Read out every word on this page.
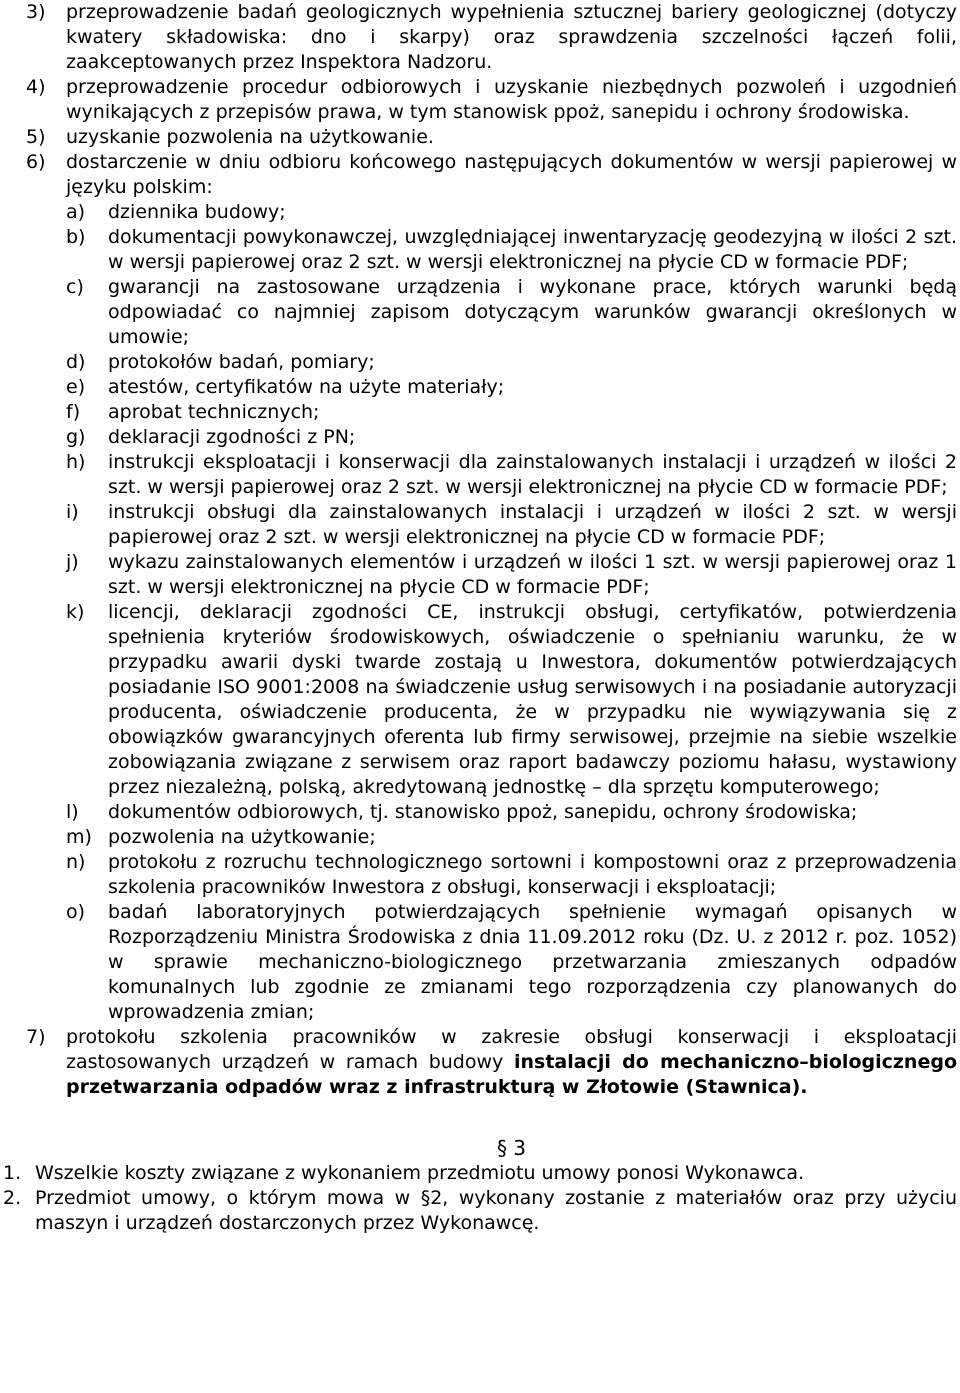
3)	przeprowadzenie badań geologicznych wypełnienia sztucznej bariery geologicznej (dotyczy kwatery składowiska: dno i skarpy) oraz sprawdzenia szczelności łączeń folii, zaakceptowanych przez Inspektora Nadzoru.
4)	przeprowadzenie procedur odbiorowych i uzyskanie niezbędnych pozwoleń i uzgodnień wynikających z przepisów prawa, w tym stanowisk ppoż, sanepidu i ochrony środowiska.
5)	uzyskanie pozwolenia na użytkowanie.
6)	dostarczenie w dniu odbioru końcowego następujących dokumentów w wersji papierowej w języku polskim:
a)	dziennika budowy;
b)	dokumentacji powykonawczej, uwzględniającej inwentaryzację geodezyjną w ilości 2 szt. w wersji papierowej oraz 2 szt. w wersji elektronicznej na płycie CD w formacie PDF;
c)	gwarancji na zastosowane urządzenia i wykonane prace, których warunki będą odpowiadać co najmniej zapisom dotyczącym warunków gwarancji określonych w umowie;
d)	protokołów badań, pomiary;
e)	atestów, certyfikatów na użyte materiały;
f)	aprobat technicznych;
g)	deklaracji zgodności z PN;
h)	instrukcji eksploatacji i konserwacji dla zainstalowanych instalacji i urządzeń w ilości 2 szt. w wersji papierowej oraz 2 szt. w wersji elektronicznej na płycie CD w formacie PDF;
i)	instrukcji obsługi dla zainstalowanych instalacji i urządzeń w ilości 2 szt. w wersji papierowej oraz 2 szt. w wersji elektronicznej na płycie CD w formacie PDF;
j)	wykazu zainstalowanych elementów i urządzeń w ilości 1 szt. w wersji papierowej oraz 1 szt. w wersji elektronicznej na płycie CD w formacie PDF;
k)	licencji, deklaracji zgodności CE, instrukcji obsługi, certyfikatów, potwierdzenia spełnienia kryteriów środowiskowych, oświadczenie o spełnianiu warunku, że w przypadku awarii dyski twarde zostają u Inwestora, dokumentów potwierdzających posiadanie ISO 9001:2008 na świadczenie usług serwisowych i na posiadanie autoryzacji producenta, oświadczenie producenta, że w przypadku nie wywiązywania się z obowiązków gwarancyjnych oferenta lub firmy serwisowej, przejmie na siebie wszelkie zobowiązania związane z serwisem oraz raport badawczy poziomu hałasu, wystawiony przez niezależną, polską, akredytowaną jednostkę – dla sprzętu komputerowego;
l)	dokumentów odbiorowych, tj. stanowisko ppoż, sanepidu, ochrony środowiska;
m) pozwolenia na użytkowanie;
n)	protokołu z rozruchu technologicznego sortowni i kompostowni oraz z przeprowadzenia szkolenia pracowników Inwestora z obsługi, konserwacji i eksploatacji;
o)	badań laboratoryjnych potwierdzających spełnienie wymagań opisanych w Rozporządzeniu Ministra Środowiska z dnia 11.09.2012 roku (Dz. U. z 2012 r. poz. 1052) w sprawie mechaniczno-biologicznego przetwarzania zmieszanych odpadów komunalnych lub zgodnie ze zmianami tego rozporządzenia czy planowanych do wprowadzenia zmian;
7)	protokołu szkolenia pracowników w zakresie obsługi konserwacji i eksploatacji zastosowanych urządzeń w ramach budowy instalacji do mechaniczno–biologicznego przetwarzania odpadów wraz z infrastrukturą w Złotowie (Stawnica).
§ 3
1. Wszelkie koszty związane z wykonaniem przedmiotu umowy ponosi Wykonawca.
2. Przedmiot umowy, o którym mowa w §2, wykonany zostanie z materiałów oraz przy użyciu maszyn i urządzeń dostarczonych przez Wykonawcę.
